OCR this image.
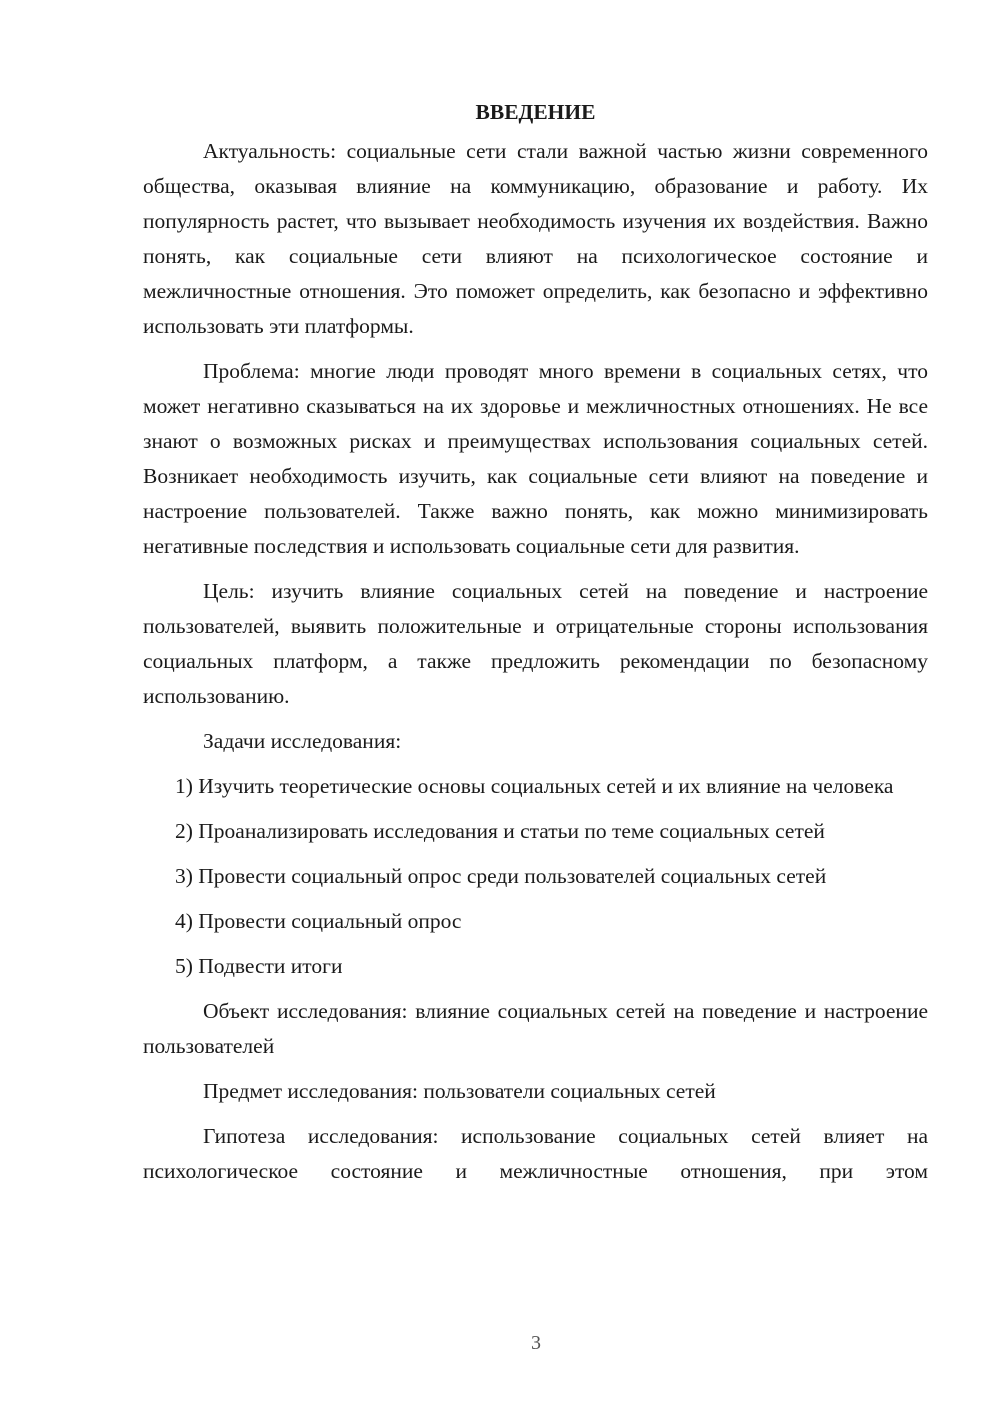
ВВЕДЕНИЕ

Актуальность: социальные сети стали важной частью жизни современного общества, оказывая влияние на коммуникацию, образование и работу. Их популярность растет, что вызывает необходимость изучения их воздействия. Важно понять, как социальные сети влияют на психологическое состояние и межличностные отношения. Это поможет определить, как безопасно и эффективно использовать эти платформы.

Проблема: многие люди проводят много времени в социальных сетях, что может негативно сказываться на их здоровье и межличностных отношениях. Не все знают о возможных рисках и преимуществах использования социальных сетей. Возникает необходимость изучить, как социальные сети влияют на поведение и настроение пользователей. Также важно понять, как можно минимизировать негативные последствия и использовать социальные сети для развития.

Цель: изучить влияние социальных сетей на поведение и настроение пользователей, выявить положительные и отрицательные стороны использования социальных платформ, а также предложить рекомендации по безопасному использованию.

Задачи исследования:

1) Изучить теоретические основы социальных сетей и их влияние на человека

2) Проанализировать исследования и статьи по теме социальных сетей

3) Провести социальный опрос среди пользователей социальных сетей

4) Провести социальный опрос

5) Подвести итоги

Объект исследования: влияние социальных сетей на поведение и настроение пользователей

Предмет исследования: пользователи социальных сетей

Гипотеза исследования: использование социальных сетей влияет на психологическое состояние и межличностные отношения, при этом

3
